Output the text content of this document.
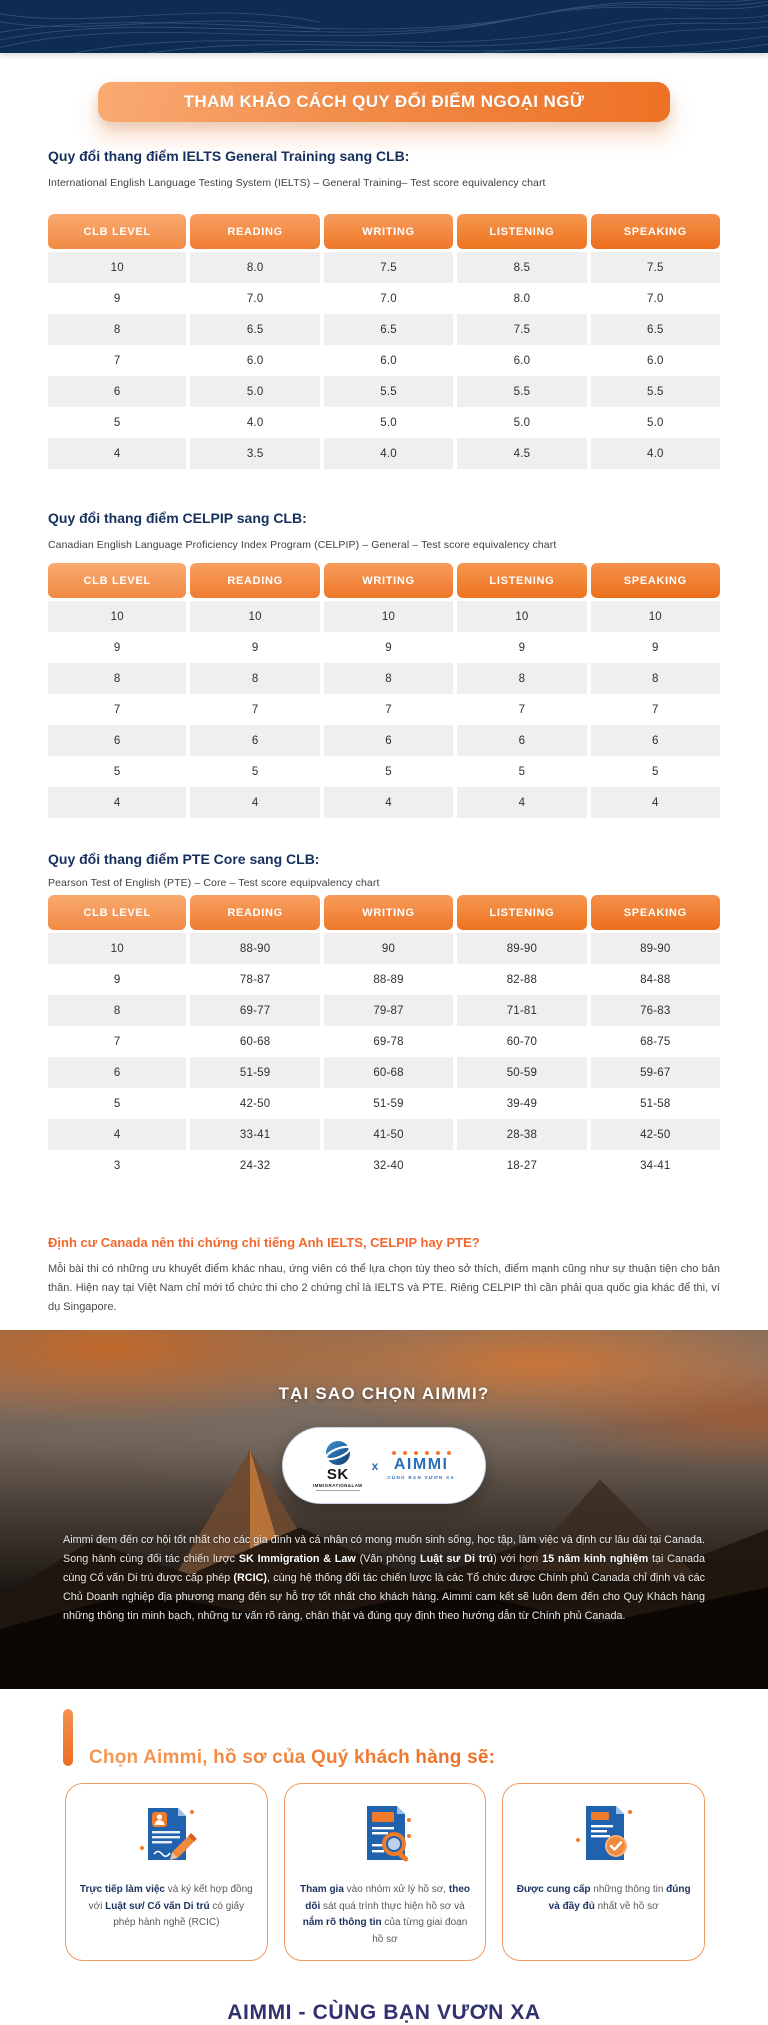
THAM KHẢO CÁCH QUY ĐỔI ĐIỂM NGOẠI NGỮ
Quy đổi thang điểm IELTS General Training sang CLB:

International English Language Testing System (IELTS) – General Training– Test score equivalency chart

CLB LEVEL	READING	WRITING	LISTENING	SPEAKING
10	8.0	7.5	8.5	7.5
9	7.0	7.0	8.0	7.0
8	6.5	6.5	7.5	6.5
7	6.0	6.0	6.0	6.0
6	5.0	5.5	5.5	5.5
5	4.0	5.0	5.0	5.0
4	3.5	4.0	4.5	4.0
Quy đổi thang điểm CELPIP sang CLB:

Canadian English Language Proficiency Index Program (CELPIP) – General – Test score equivalency chart

CLB LEVEL	READING	WRITING	LISTENING	SPEAKING
10	10	10	10	10
9	9	9	9	9
8	8	8	8	8
7	7	7	7	7
6	6	6	6	6
5	5	5	5	5
4	4	4	4	4
Quy đổi thang điểm PTE Core sang CLB:

Pearson Test of English (PTE) – Core – Test score equipvalency chart

CLB LEVEL	READING	WRITING	LISTENING	SPEAKING
10	88-90	90	89-90	89-90
9	78-87	88-89	82-88	84-88
8	69-77	79-87	71-81	76-83
7	60-68	69-78	60-70	68-75
6	51-59	60-68	50-59	59-67
5	42-50	51-59	39-49	51-58
4	33-41	41-50	28-38	42-50
3	24-32	32-40	18-27	34-41
Định cư Canada nên thi chứng chỉ tiếng Anh IELTS, CELPIP hay PTE?

Mỗi bài thi có những ưu khuyết điểm khác nhau, ứng viên có thể lựa chọn tùy theo sở thích, điểm mạnh cũng như sự thuận tiện cho bản thân. Hiện nay tại Việt Nam chỉ mới tổ chức thi cho 2 chứng chỉ là IELTS và PTE. Riêng CELPIP thì cần phải qua quốc gia khác để thi, ví dụ Singapore.

TẠI SAO CHỌN AIMMI?
SK
IMMIGRATION&LAW
x AIMMI
CÙNG BẠN VƯƠN XA

Aimmi đem đến cơ hội tốt nhất cho các gia đình và cá nhân có mong muốn sinh sống, học tập, làm việc và định cư lâu dài tại Canada. Song hành cùng đối tác chiến lược SK Immigration & Law (Văn phòng Luật sư Di trú) với hơn 15 năm kinh nghiệm tại Canada cùng Cố vấn Di trú được cấp phép (RCIC), cùng hệ thống đối tác chiến lược là các Tổ chức được Chính phủ Canada chỉ định và các Chủ Doanh nghiệp địa phương mang đến sự hỗ trợ tốt nhất cho khách hàng. Aimmi cam kết sẽ luôn đem đến cho Quý Khách hàng những thông tin minh bạch, những tư vấn rõ ràng, chân thật và đúng quy định theo hướng dẫn từ Chính phủ Canada.

Chọn Aimmi, hồ sơ của Quý khách hàng sẽ:

Trực tiếp làm việc và ký kết hợp đồng với Luật sư/ Cố vấn Di trú có giấy phép hành nghề (RCIC)

Tham gia vào nhóm xử lý hồ sơ, theo dõi sát quá trình thực hiện hồ sơ và nắm rõ thông tin của từng giai đoạn hồ sơ

Được cung cấp những thông tin đúng và đầy đủ nhất về hồ sơ

AIMMI - CÙNG BẠN VƯƠN XA
